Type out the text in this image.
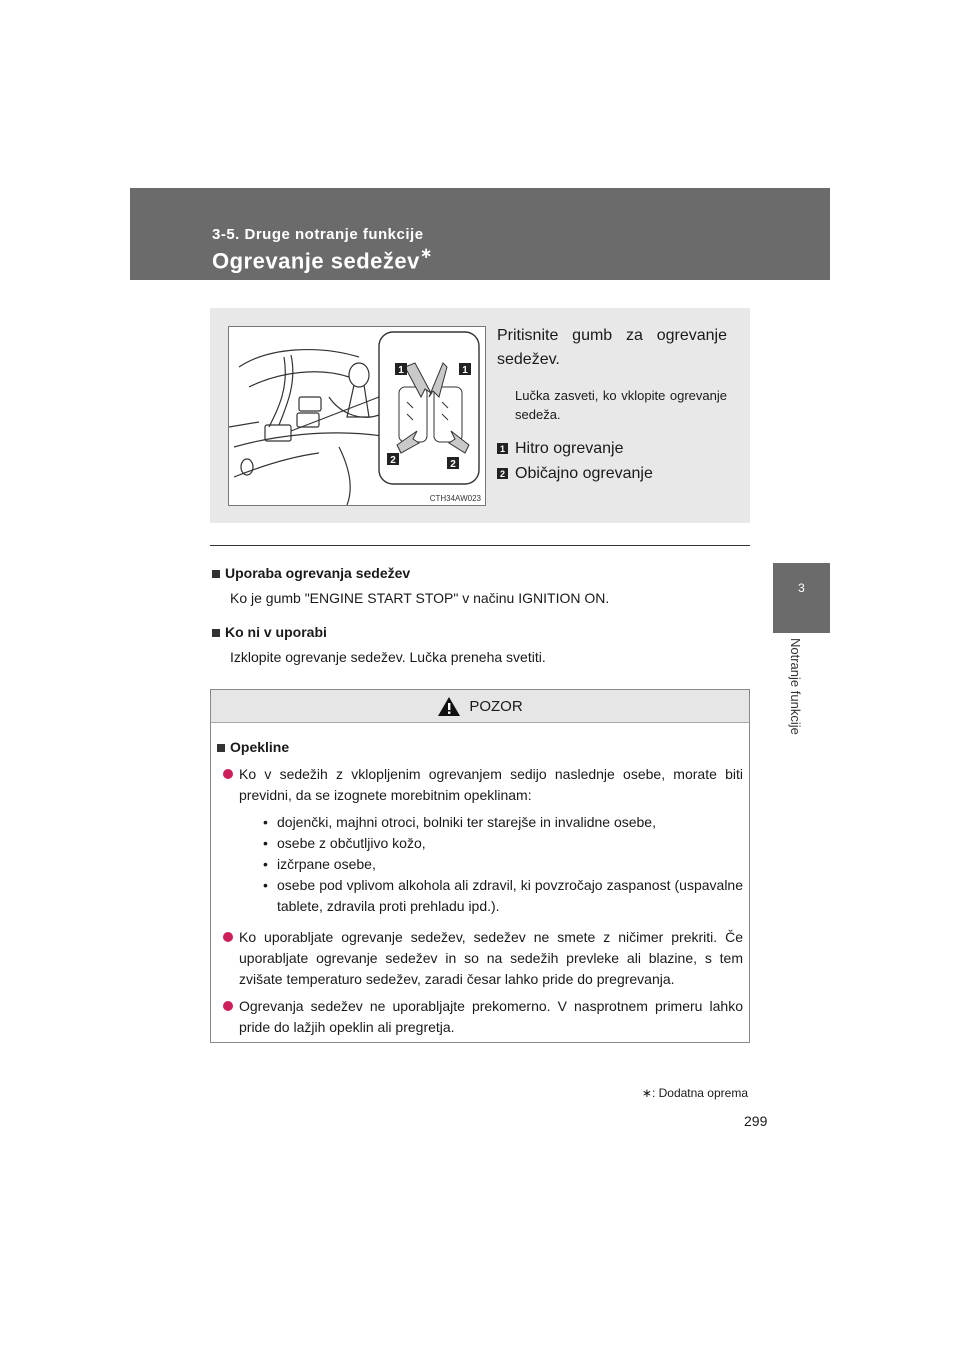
3-5. Druge notranje funkcije
Ogrevanje sedežev∗
3
Notranje funkcije
1	1
2	2
CTH34AW023
Pritisnite gumb za ogrevanje sedežev.
Lučka zasveti, ko vklopite ogrevanje sedeža.
1 Hitro ogrevanje
2 Običajno ogrevanje
Uporaba ogrevanja sedežev
Ko je gumb "ENGINE START STOP" v načinu IGNITION ON.
Ko ni v uporabi
Izklopite ogrevanje sedežev. Lučka preneha svetiti.
POZOR
Opekline
Ko v sedežih z vklopljenim ogrevanjem sedijo naslednje osebe, morate biti previdni, da se izognete morebitnim opeklinam:
• dojenčki, majhni otroci, bolniki ter starejše in invalidne osebe,
• osebe z občutljivo kožo,
• izčrpane osebe,
• osebe pod vplivom alkohola ali zdravil, ki povzročajo zaspanost (uspavalne tablete, zdravila proti prehladu ipd.).
Ko uporabljate ogrevanje sedežev, sedežev ne smete z ničimer prekriti. Če uporabljate ogrevanje sedežev in so na sedežih prevleke ali blazine, s tem zvišate temperaturo sedežev, zaradi česar lahko pride do pregrevanja.
Ogrevanja sedežev ne uporabljajte prekomerno. V nasprotnem primeru lahko pride do lažjih opeklin ali pregretja.
∗: Dodatna oprema
299
